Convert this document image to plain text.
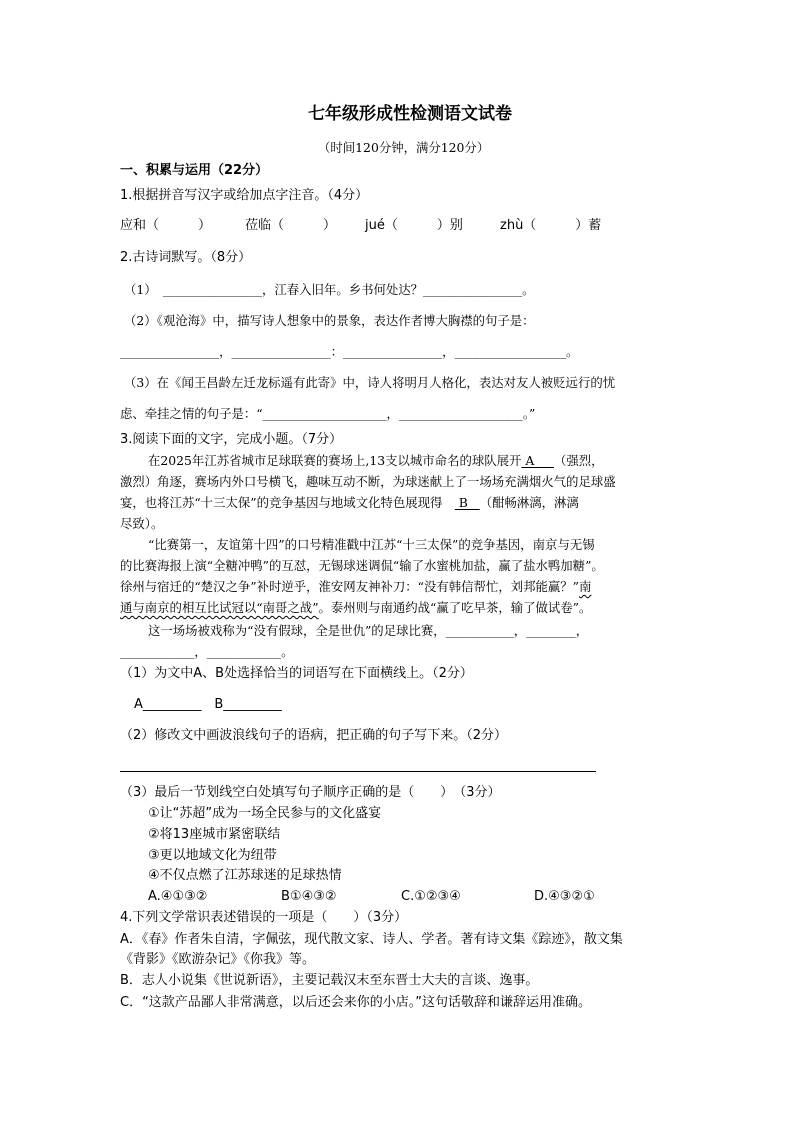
七年级形成性检测语文试卷
（时间120分钟，满分120分）
一、积累与运用（22分）
1.根据拼音写汉字或给加点字注音。（4分）
应和（　　　）	莅临（　　　） jué（　　　）别	zhù（　　　）蓄
2.古诗词默写。（8分）
（1）　________________，江春入旧年。乡书何处达？________________。
（2）《观沧海》中，描写诗人想象中的景象，表达作者博大胸襟的句子是：
________________，________________：________________，__________________。
（3）在《闻王昌龄左迁龙标遥有此寄》中，诗人将明月人格化，表达对友人被贬远行的忧
虑、牵挂之情的句子是：“____________________，____________________。”
3.阅读下面的文字，完成小题。（7分）
在2025年江苏省城市足球联赛的赛场上,13支以城市命名的球队展开 A     （强烈，
激烈）角逐，赛场内外口号横飞，趣味互动不断，为球迷献上了一场场充满烟火气的足球盛
宴，也将江苏“十三太保”的竞争基因与地域文化特色展现得　 B   （酣畅淋漓，淋漓
尽致）。
“比赛第一，友谊第十四”的口号精准戳中江苏“十三太保”的竞争基因，南京与无锡
的比赛海报上演“全糖冲鸭”的互怼，无锡球迷调侃“输了水蜜桃加盐，赢了盐水鸭加糖”。
徐州与宿迁的“楚汉之争”补时逆乎，淮安网友神补刀：“没有韩信帮忙，刘邦能赢？”南
通与南京的相互比试冠以“南哥之战”。泰州则与南通约战“赢了吃早茶，输了做试卷”。
这一场场被戏称为“没有假球，全是世仇”的足球比赛，___________，________，
____________，____________。
（1）为文中A、B处选择恰当的词语写在下面横线上。（2分）
A_________　B_________
（2）修改文中画波浪线句子的语病，把正确的句子写下来。（2分）
（3）最后一节划线空白处填写句子顺序正确的是（　　）　（3分）
①让“苏超”成为一场全民参与的文化盛宴
②将13座城市紧密联结
③更以地域文化为纽带
④不仅点燃了江苏球迷的足球热情
A.④①③②	B①④③②	C.①②③④	D.④③②①
4.下列文学常识表述错误的一项是（　　）（3分）
A．《春》作者朱自清，字佩弦，现代散文家、诗人、学者。著有诗文集《踪迹》，散文集
《背影》《欧游杂记》《你我》等。
B．志人小说集《世说新语》，主要记载汉末至东晋士大夫的言谈、逸事。
C．“这款产品鄙人非常满意，以后还会来你的小店。”这句话敬辞和谦辞运用准确。
